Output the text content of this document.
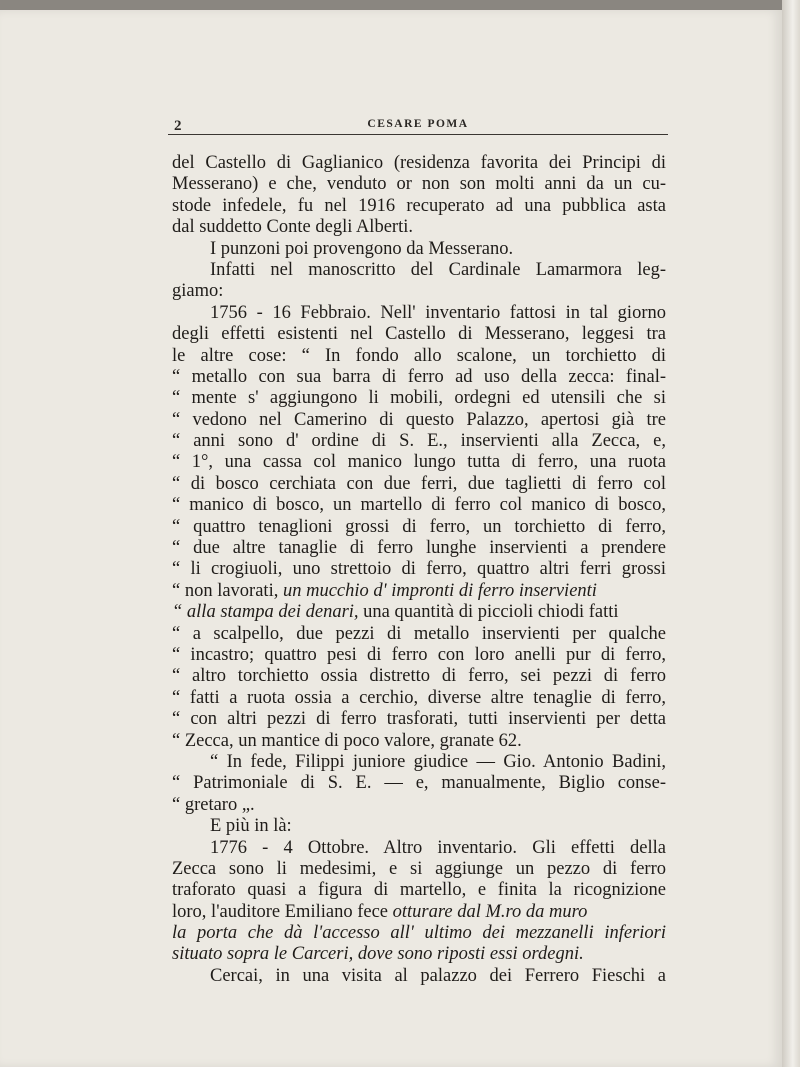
2	CESARE POMA
del Castello di Gaglianico (residenza favorita dei Principi di
Messerano) e che, venduto or non son molti anni da un cu-
stode infedele, fu nel 1916 recuperato ad una pubblica asta
dal suddetto Conte degli Alberti.
I punzoni poi provengono da Messerano.
Infatti nel manoscritto del Cardinale Lamarmora leg-
giamo:
1756 - 16 Febbraio. Nell' inventario fattosi in tal giorno
degli effetti esistenti nel Castello di Messerano, leggesi tra
le altre cose: “ In fondo allo scalone, un torchietto di
“ metallo con sua barra di ferro ad uso della zecca: final-
“ mente s' aggiungono li mobili, ordegni ed utensili che si
“ vedono nel Camerino di questo Palazzo, apertosi già tre
“ anni sono d' ordine di S. E., inservienti alla Zecca, e,
“ 1°, una cassa col manico lungo tutta di ferro, una ruota
“ di bosco cerchiata con due ferri, due taglietti di ferro col
“ manico di bosco, un martello di ferro col manico di bosco,
“ quattro tenaglioni grossi di ferro, un torchietto di ferro,
“ due altre tanaglie di ferro lunghe inservienti a prendere
“ li crogiuoli, uno strettoio di ferro, quattro altri ferri grossi
“ non lavorati, un mucchio d' impronti di ferro inservienti
“ alla stampa dei denari, una quantità di piccioli chiodi fatti
“ a scalpello, due pezzi di metallo inservienti per qualche
“ incastro; quattro pesi di ferro con loro anelli pur di ferro,
“ altro torchietto ossia distretto di ferro, sei pezzi di ferro
“ fatti a ruota ossia a cerchio, diverse altre tenaglie di ferro,
“ con altri pezzi di ferro trasforati, tutti inservienti per detta
“ Zecca, un mantice di poco valore, granate 62.
“ In fede, Filippi juniore giudice — Gio. Antonio Badini,
“ Patrimoniale di S. E. — e, manualmente, Biglio conse-
“ gretaro „.
E più in là:
1776 - 4 Ottobre. Altro inventario. Gli effetti della
Zecca sono li medesimi, e si aggiunge un pezzo di ferro
traforato quasi a figura di martello, e finita la ricognizione
loro, l'auditore Emiliano fece otturare dal M.ro da muro
la porta che dà l'accesso all' ultimo dei mezzanelli inferiori
situato sopra le Carceri, dove sono riposti essi ordegni.
Cercai, in una visita al palazzo dei Ferrero Fieschi a
